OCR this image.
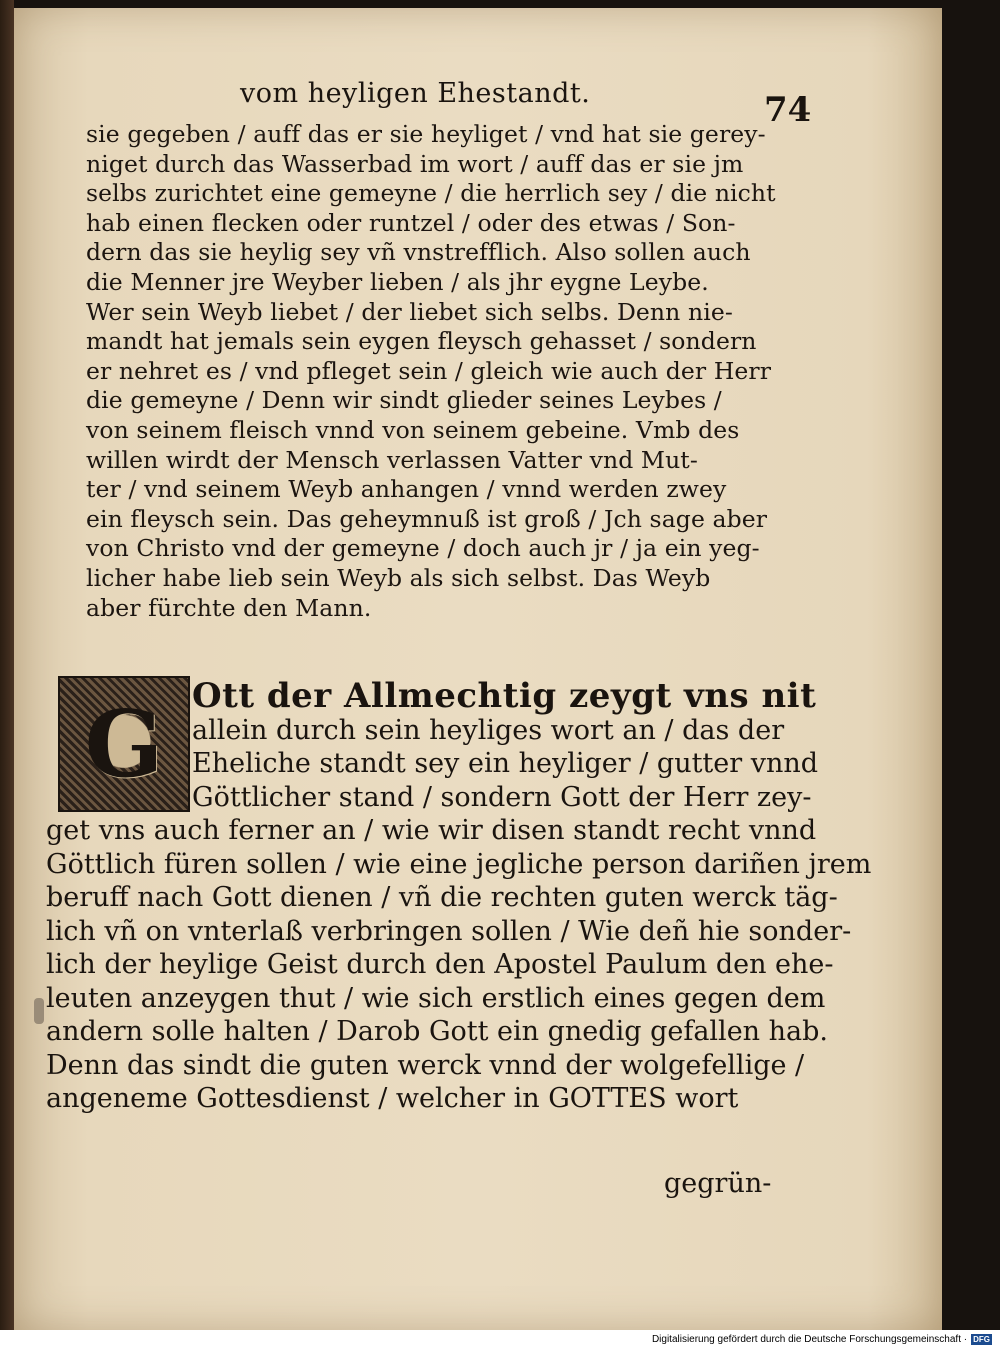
vom heyligen Ehestandt.	74
sie gegeben / auff das er sie heyliget / vnd hat sie gerey-
niget durch das Wasserbad im wort / auff das er sie jm
selbs zurichtet eine gemeyne / die herrlich sey / die nicht
hab einen flecken oder runtzel / oder des etwas / Son-
dern das sie heylig sey vñ vnstrefflich. Also sollen auch
die Menner jre Weyber lieben / als jhr eygne Leybe.
Wer sein Weyb liebet / der liebet sich selbs. Denn nie-
mandt hat jemals sein eygen fleysch gehasset / sondern
er nehret es / vnd pfleget sein / gleich wie auch der Herr
die gemeyne / Denn wir sindt glieder seines Leybes /
von seinem fleisch vnnd von seinem gebeine. Vmb des
willen wirdt der Mensch verlassen Vatter vnd Mut-
ter / vnd seinem Weyb anhangen / vnnd werden zwey
ein fleysch sein. Das geheymnuß ist groß / Jch sage aber
von Christo vnd der gemeyne / doch auch jr / ja ein yeg-
licher habe lieb sein Weyb als sich selbst. Das Weyb
aber fürchte den Mann.
G Ott der Allmechtig zeygt vns nit
allein durch sein heyliges wort an / das der
Eheliche standt sey ein heyliger / gutter vnnd
Göttlicher stand / sondern Gott der Herr zey-
get vns auch ferner an / wie wir disen standt recht vnnd
Göttlich füren sollen / wie eine jegliche person dariñen jrem
beruff nach Gott dienen / vñ die rechten guten werck täg-
lich vñ on vnterlaß verbringen sollen / Wie deñ hie sonder-
lich der heylige Geist durch den Apostel Paulum den ehe-
leuten anzeygen thut / wie sich erstlich eines gegen dem
andern solle halten / Darob Gott ein gnedig gefallen hab.
Denn das sindt die guten werck vnnd der wolgefellige /
angeneme Gottesdienst / welcher in GOTTES wort
gegrün-
Digitalisierung gefördert durch die Deutsche Forschungsgemeinschaft · DFG
